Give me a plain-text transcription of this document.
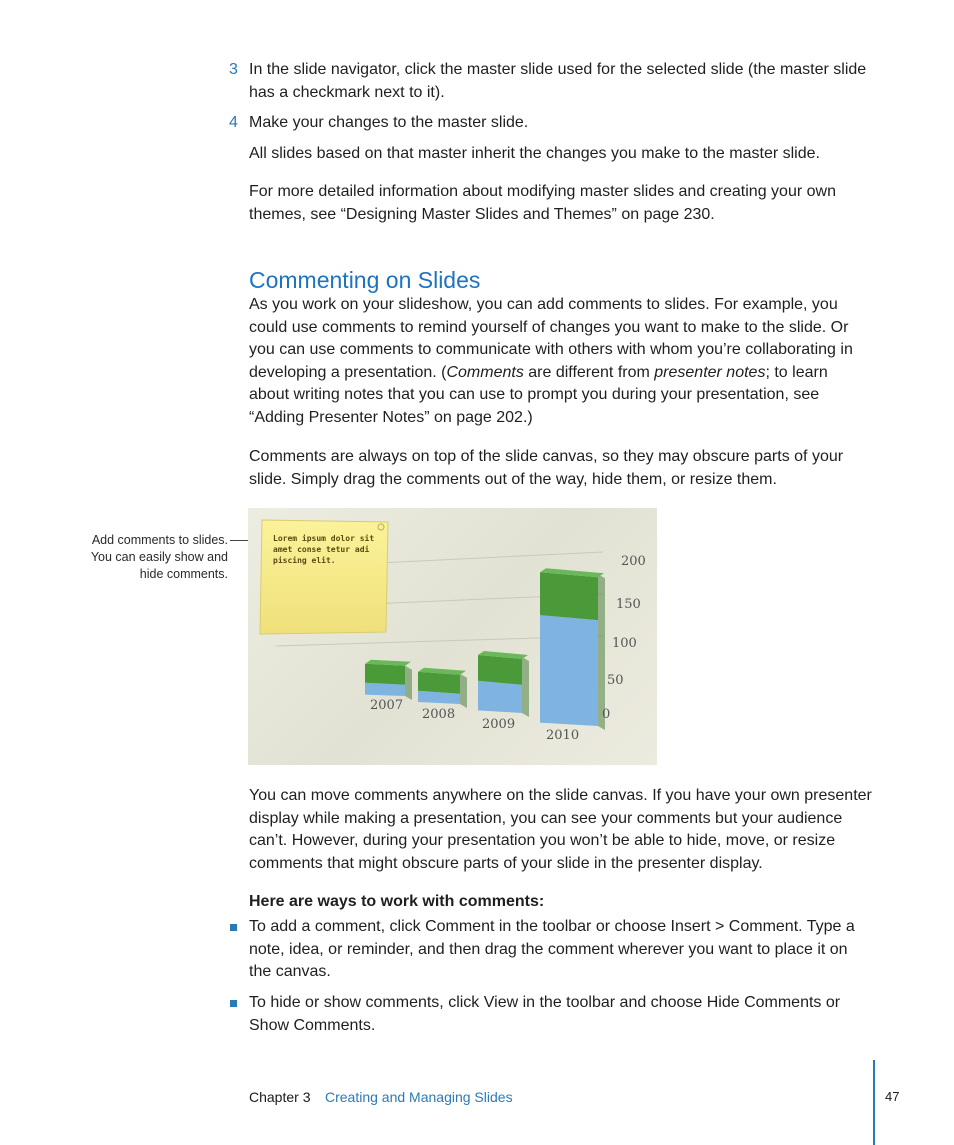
3 In the slide navigator, click the master slide used for the selected slide (the master slide has a checkmark next to it).
4 Make your changes to the master slide.
All slides based on that master inherit the changes you make to the master slide.
For more detailed information about modifying master slides and creating your own themes, see “Designing Master Slides and Themes” on page 230.
Commenting on Slides
As you work on your slideshow, you can add comments to slides. For example, you could use comments to remind yourself of changes you want to make to the slide. Or you can use comments to communicate with others with whom you’re collaborating in developing a presentation. (Comments are different from presenter notes; to learn about writing notes that you can use to prompt you during your presentation, see “Adding Presenter Notes” on page 202.)
Comments are always on top of the slide canvas, so they may obscure parts of your slide. Simply drag the comments out of the way, hide them, or resize them.
Add comments to slides. You can easily show and hide comments.
200
150
100
50
0
2007
2008
2009
2010
Lorem ipsum dolor sit amet conse tetur adi piscing elit.
You can move comments anywhere on the slide canvas. If you have your own presenter display while making a presentation, you can see your comments but your audience can’t. However, during your presentation you won’t be able to hide, move, or resize comments that might obscure parts of your slide in the presenter display.
Here are ways to work with comments:
To add a comment, click Comment in the toolbar or choose Insert > Comment. Type a note, idea, or reminder, and then drag the comment wherever you want to place it on the canvas.
To hide or show comments, click View in the toolbar and choose Hide Comments or Show Comments.
Chapter 3 Creating and Managing Slides	47
